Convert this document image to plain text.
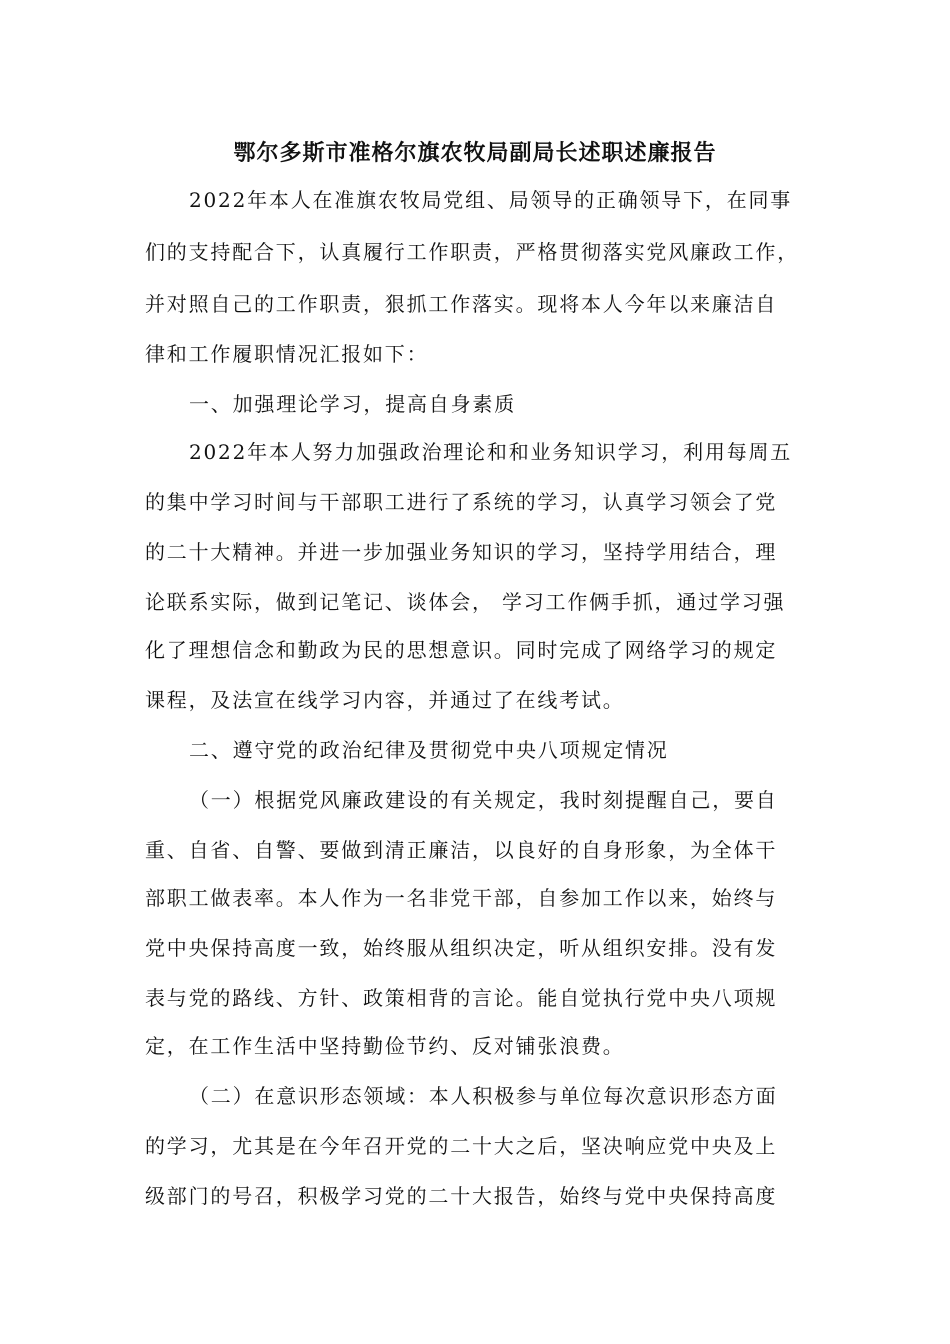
鄂尔多斯市准格尔旗农牧局副局长述职述廉报告

2022年本人在准旗农牧局党组、局领导的正确领导下，在同事

们的支持配合下，认真履行工作职责，严格贯彻落实党风廉政工作，

并对照自己的工作职责，狠抓工作落实。现将本人今年以来廉洁自

律和工作履职情况汇报如下：

一、加强理论学习，提高自身素质

2022年本人努力加强政治理论和和业务知识学习，利用每周五

的集中学习时间与干部职工进行了系统的学习，认真学习领会了党

的二十大精神。并进一步加强业务知识的学习，坚持学用结合，理

论联系实际，做到记笔记、谈体会， 学习工作俩手抓，通过学习强

化了理想信念和勤政为民的思想意识。同时完成了网络学习的规定

课程，及法宣在线学习内容，并通过了在线考试。

二、遵守党的政治纪律及贯彻党中央八项规定情况

（一）根据党风廉政建设的有关规定，我时刻提醒自己，要自

重、自省、自警、要做到清正廉洁，以良好的自身形象，为全体干

部职工做表率。本人作为一名非党干部，自参加工作以来，始终与

党中央保持高度一致，始终服从组织决定，听从组织安排。没有发

表与党的路线、方针、政策相背的言论。能自觉执行党中央八项规

定，在工作生活中坚持勤俭节约、反对铺张浪费。

（二）在意识形态领域：本人积极参与单位每次意识形态方面

的学习，尤其是在今年召开党的二十大之后，坚决响应党中央及上

级部门的号召，积极学习党的二十大报告，始终与党中央保持高度
